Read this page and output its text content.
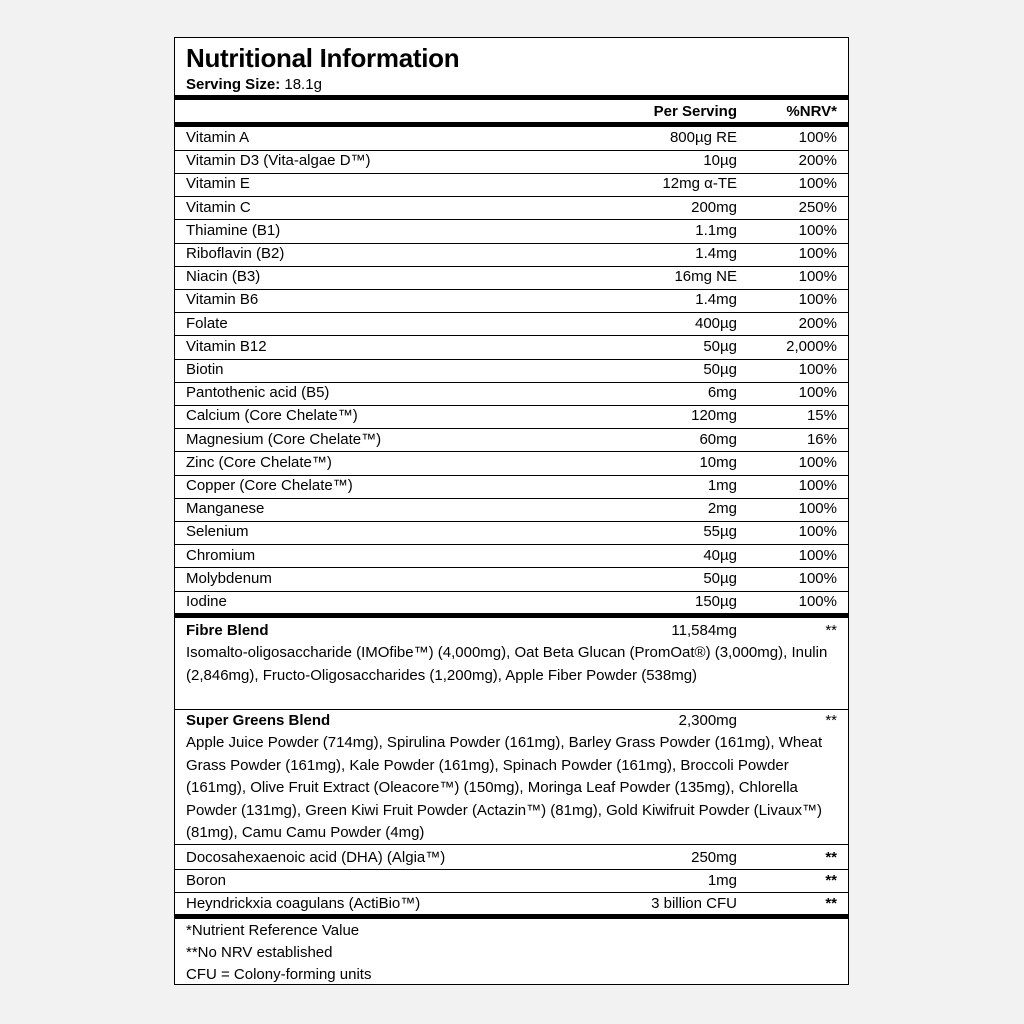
Nutritional Information
Serving Size: 18.1g
Per Serving	%NRV*
Vitamin A	800µg RE	100%
Vitamin D3 (Vita-algae D™)	10µg	200%
Vitamin E	12mg α-TE	100%
Vitamin C	200mg	250%
Thiamine (B1)	1.1mg	100%
Riboflavin (B2)	1.4mg	100%
Niacin (B3)	16mg NE	100%
Vitamin B6	1.4mg	100%
Folate	400µg	200%
Vitamin B12	50µg	2,000%
Biotin	50µg	100%
Pantothenic acid (B5)	6mg	100%
Calcium (Core Chelate™)	120mg	15%
Magnesium (Core Chelate™)	60mg	16%
Zinc (Core Chelate™)	10mg	100%
Copper (Core Chelate™)	1mg	100%
Manganese	2mg	100%
Selenium	55µg	100%
Chromium	40µg	100%
Molybdenum	50µg	100%
Iodine	150µg	100%
Fibre Blend	11,584mg	**
Isomalto-oligosaccharide (IMOfibe™) (4,000mg), Oat Beta Glucan (PromOat®) (3,000mg), Inulin (2,846mg), Fructo-Oligosaccharides (1,200mg), Apple Fiber Powder (538mg)
Super Greens Blend	2,300mg	**
Apple Juice Powder (714mg), Spirulina Powder (161mg), Barley Grass Powder (161mg), Wheat Grass Powder (161mg), Kale Powder (161mg), Spinach Powder (161mg), Broccoli Powder (161mg), Olive Fruit Extract (Oleacore™) (150mg), Moringa Leaf Powder (135mg), Chlorella Powder (131mg), Green Kiwi Fruit Powder (Actazin™) (81mg), Gold Kiwifruit Powder (Livaux™) (81mg), Camu Camu Powder (4mg)
Docosahexaenoic acid (DHA) (Algia™)	250mg	**
Boron	1mg	**
Heyndrickxia coagulans (ActiBio™)	3 billion CFU	**
*Nutrient Reference Value
**No NRV established
CFU = Colony-forming units
